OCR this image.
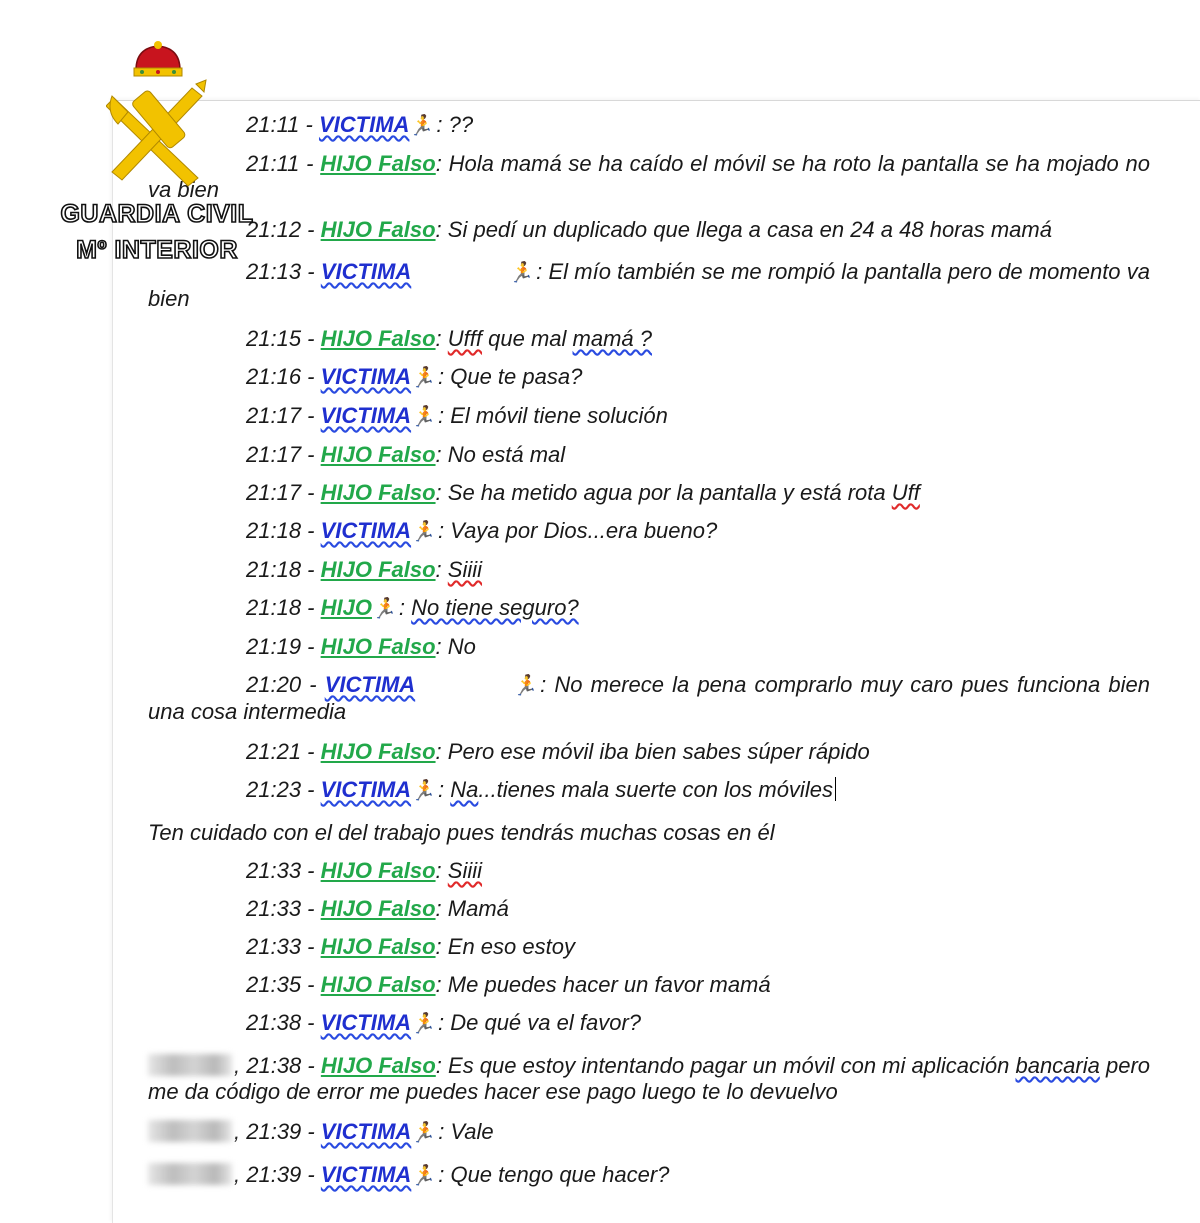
GUARDIA CIVIL
Mº INTERIOR

21:11 - VICTIMA🏃: ??

21:11 - HIJO Falso: Hola mamá se ha caído el móvil se ha roto la pantalla se ha mojado no va bien

21:12 - HIJO Falso: Si pedí un duplicado que llega a casa en 24 a 48 horas mamá

21:13 - VICTIMA	🏃: El mío también se me rompió la pantalla pero de momento va bien

21:15 - HIJO Falso: Ufff que mal mamá ?

21:16 - VICTIMA🏃: Que te pasa?

21:17 - VICTIMA🏃: El móvil tiene solución

21:17 - HIJO Falso: No está mal

21:17 - HIJO Falso: Se ha metido agua por la pantalla y está rota Uff

21:18 - VICTIMA🏃: Vaya por Dios...era bueno?

21:18 - HIJO Falso: Siiii

21:18 - HIJO🏃: No tiene seguro?

21:19 - HIJO Falso: No

21:20 - VICTIMA	🏃: No merece la pena comprarlo muy caro pues funciona bien una cosa intermedia

21:21 - HIJO Falso: Pero ese móvil iba bien sabes súper rápido

21:23 - VICTIMA🏃: Na...tienes mala suerte con los móviles

Ten cuidado con el del trabajo pues tendrás muchas cosas en él

21:33 - HIJO Falso: Siiii

21:33 - HIJO Falso: Mamá

21:33 - HIJO Falso: En eso estoy

21:35 - HIJO Falso: Me puedes hacer un favor mamá

21:38 - VICTIMA🏃: De qué va el favor?

, 21:38 - HIJO Falso: Es que estoy intentando pagar un móvil con mi aplicación bancaria pero me da código de error me puedes hacer ese pago luego te lo devuelvo

, 21:39 - VICTIMA🏃: Vale

, 21:39 - VICTIMA🏃: Que tengo que hacer?
